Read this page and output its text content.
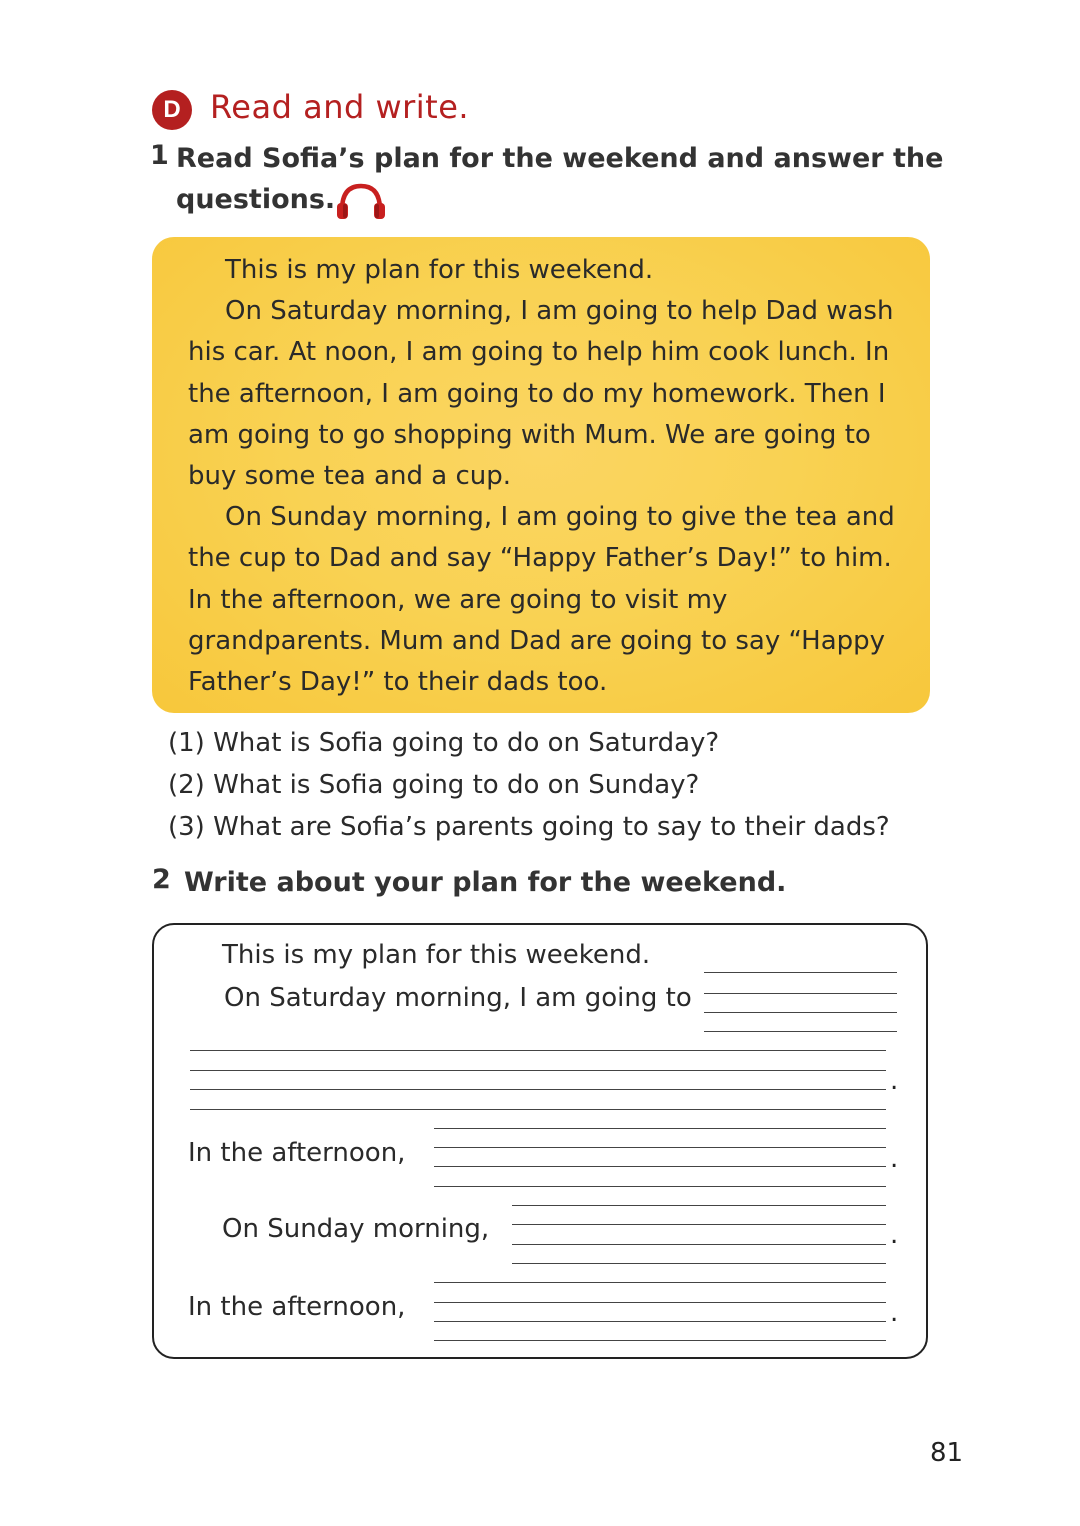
D Read and write.
1 Read Sofia’s plan for the weekend and answer the
questions.

This is my plan for this weekend.

On Saturday morning, I am going to help Dad wash his car. At noon, I am going to help him cook lunch. In the afternoon, I am going to do my homework. Then I am going to go shopping with Mum. We are going to buy some tea and a cup.

On Sunday morning, I am going to give the tea and the cup to Dad and say “Happy Father’s Day!” to him. In the afternoon, we are going to visit my grandparents. Mum and Dad are going to say “Happy Father’s Day!” to their dads too.

(1) What is Sofia going to do on Saturday?
(2) What is Sofia going to do on Sunday?
(3) What are Sofia’s parents going to say to their dads?
2 Write about your plan for the weekend.
This is my plan for this weekend.
On Saturday morning, I am going to
.
In the afternoon,	.
On Sunday morning,	.
In the afternoon,	.
81
